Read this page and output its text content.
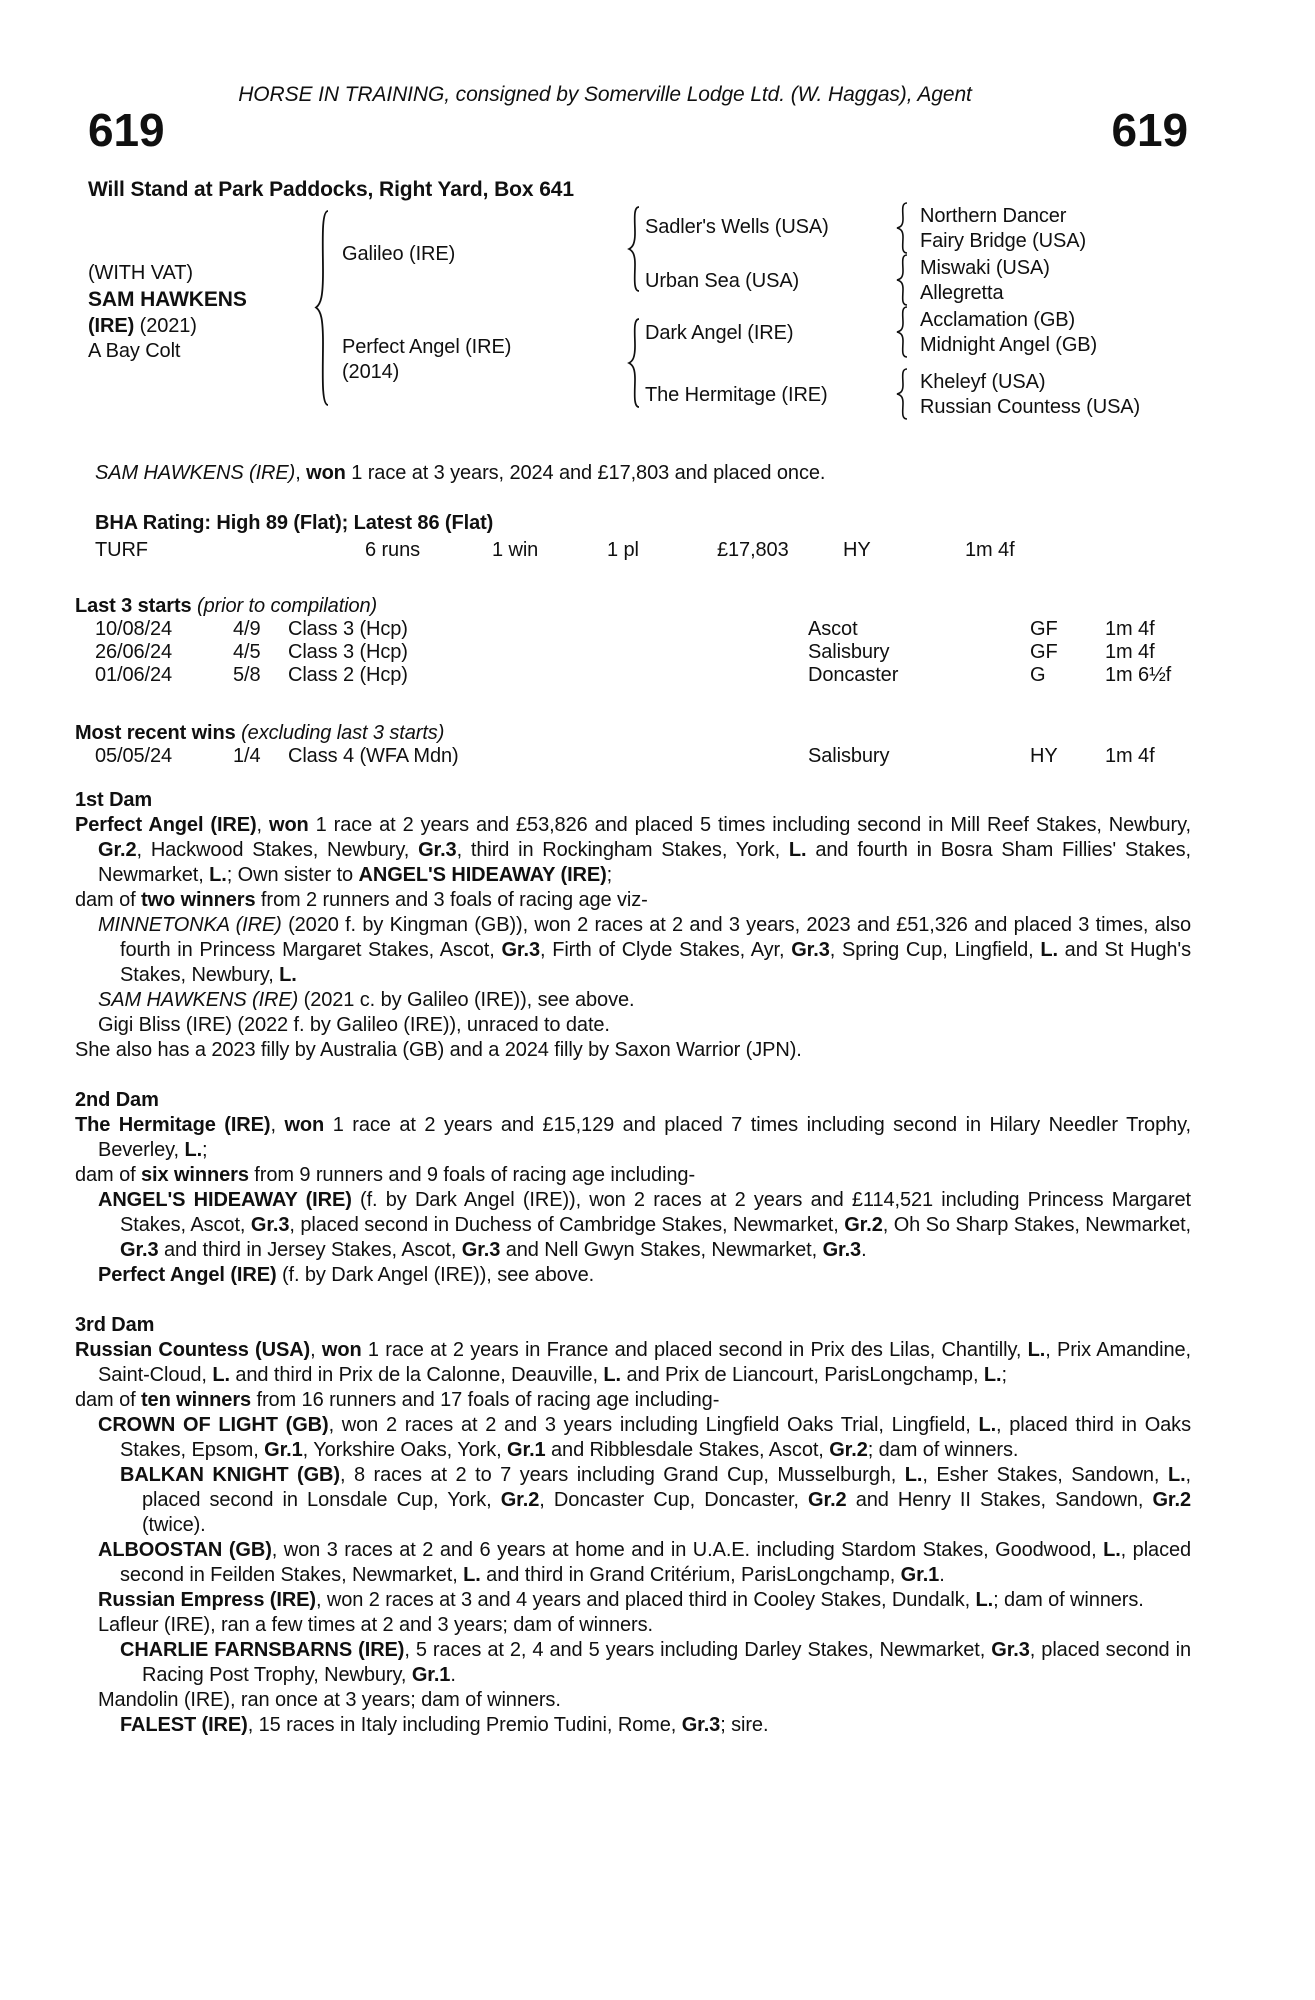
HORSE IN TRAINING, consigned by Somerville Lodge Ltd. (W. Haggas), Agent
619	619
Will Stand at Park Paddocks, Right Yard, Box 641
(WITH VAT)
SAM HAWKENS
(IRE) (2021)
A Bay Colt
Galileo (IRE)
Perfect Angel (IRE)
(2014)
Sadler's Wells (USA)
Urban Sea (USA)
Dark Angel (IRE)
The Hermitage (IRE)
Northern Dancer
Fairy Bridge (USA)
Miswaki (USA)
Allegretta
Acclamation (GB)
Midnight Angel (GB)
Kheleyf (USA)
Russian Countess (USA)
SAM HAWKENS (IRE), won 1 race at 3 years, 2024 and £17,803 and placed once.
BHA Rating: High 89 (Flat); Latest 86 (Flat)
TURF	6 runs	1 win	1 pl	£17,803	HY	1m 4f
Last 3 starts (prior to compilation)
10/08/24	4/9 Class 3 (Hcp)	Ascot	GF 1m 4f
26/06/24	4/5 Class 3 (Hcp)	Salisbury	GF 1m 4f
01/06/24	5/8 Class 2 (Hcp)	Doncaster	G	1m 6½f
Most recent wins (excluding last 3 starts)
05/05/24	1/4 Class 4 (WFA Mdn)	Salisbury	HY 1m 4f
1st Dam

Perfect Angel (IRE), won 1 race at 2 years and £53,826 and placed 5 times including second in Mill Reef Stakes, Newbury, Gr.2, Hackwood Stakes, Newbury, Gr.3, third in Rockingham Stakes, York, L. and fourth in Bosra Sham Fillies' Stakes, Newmarket, L.; Own sister to ANGEL'S HIDEAWAY (IRE);

dam of two winners from 2 runners and 3 foals of racing age viz-

MINNETONKA (IRE) (2020 f. by Kingman (GB)), won 2 races at 2 and 3 years, 2023 and £51,326 and placed 3 times, also fourth in Princess Margaret Stakes, Ascot, Gr.3, Firth of Clyde Stakes, Ayr, Gr.3, Spring Cup, Lingfield, L. and St Hugh's Stakes, Newbury, L.

SAM HAWKENS (IRE) (2021 c. by Galileo (IRE)), see above.

Gigi Bliss (IRE) (2022 f. by Galileo (IRE)), unraced to date.

She also has a 2023 filly by Australia (GB) and a 2024 filly by Saxon Warrior (JPN).

2nd Dam

The Hermitage (IRE), won 1 race at 2 years and £15,129 and placed 7 times including second in Hilary Needler Trophy, Beverley, L.;

dam of six winners from 9 runners and 9 foals of racing age including-

ANGEL'S HIDEAWAY (IRE) (f. by Dark Angel (IRE)), won 2 races at 2 years and £114,521 including Princess Margaret Stakes, Ascot, Gr.3, placed second in Duchess of Cambridge Stakes, Newmarket, Gr.2, Oh So Sharp Stakes, Newmarket, Gr.3 and third in Jersey Stakes, Ascot, Gr.3 and Nell Gwyn Stakes, Newmarket, Gr.3.

Perfect Angel (IRE) (f. by Dark Angel (IRE)), see above.

3rd Dam

Russian Countess (USA), won 1 race at 2 years in France and placed second in Prix des Lilas, Chantilly, L., Prix Amandine, Saint-Cloud, L. and third in Prix de la Calonne, Deauville, L. and Prix de Liancourt, ParisLongchamp, L.;

dam of ten winners from 16 runners and 17 foals of racing age including-

CROWN OF LIGHT (GB), won 2 races at 2 and 3 years including Lingfield Oaks Trial, Lingfield, L., placed third in Oaks Stakes, Epsom, Gr.1, Yorkshire Oaks, York, Gr.1 and Ribblesdale Stakes, Ascot, Gr.2; dam of winners.

BALKAN KNIGHT (GB), 8 races at 2 to 7 years including Grand Cup, Musselburgh, L., Esher Stakes, Sandown, L., placed second in Lonsdale Cup, York, Gr.2, Doncaster Cup, Doncaster, Gr.2 and Henry II Stakes, Sandown, Gr.2 (twice).

ALBOOSTAN (GB), won 3 races at 2 and 6 years at home and in U.A.E. including Stardom Stakes, Goodwood, L., placed second in Feilden Stakes, Newmarket, L. and third in Grand Critérium, ParisLongchamp, Gr.1.

Russian Empress (IRE), won 2 races at 3 and 4 years and placed third in Cooley Stakes, Dundalk, L.; dam of winners.

Lafleur (IRE), ran a few times at 2 and 3 years; dam of winners.

CHARLIE FARNSBARNS (IRE), 5 races at 2, 4 and 5 years including Darley Stakes, Newmarket, Gr.3, placed second in Racing Post Trophy, Newbury, Gr.1.

Mandolin (IRE), ran once at 3 years; dam of winners.

FALEST (IRE), 15 races in Italy including Premio Tudini, Rome, Gr.3; sire.
